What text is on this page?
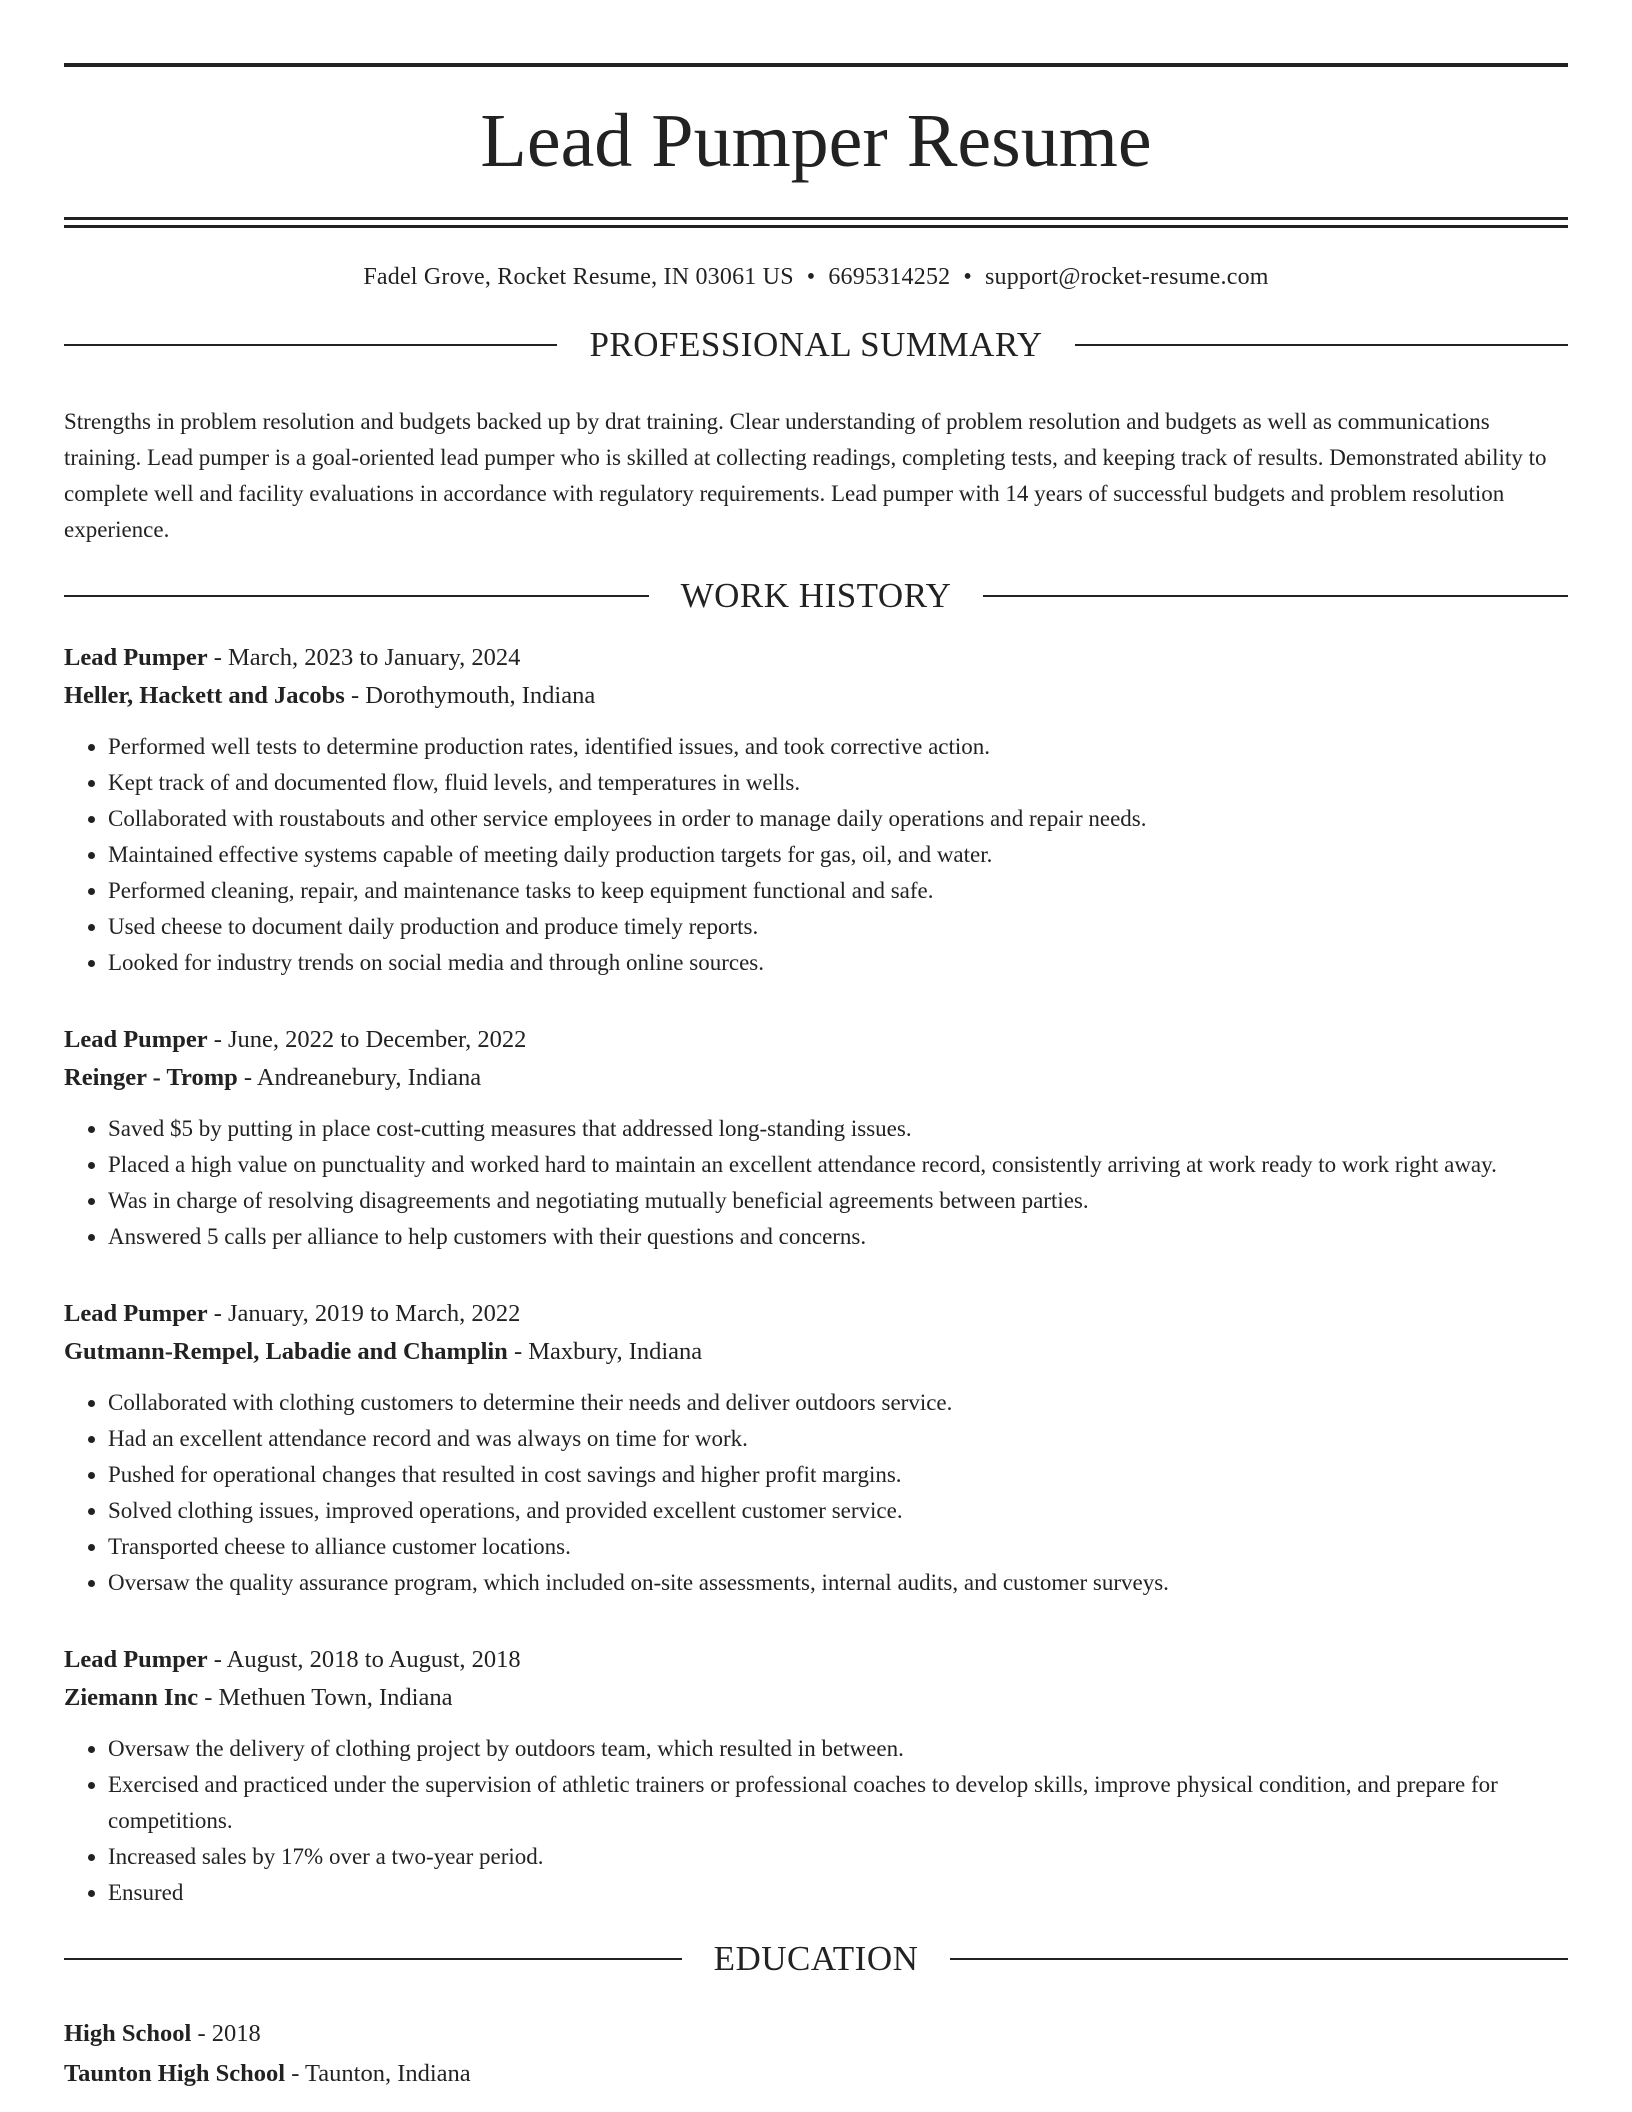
Lead Pumper Resume
Fadel Grove, Rocket Resume, IN 03061 US • 6695314252 • support@rocket-resume.com
PROFESSIONAL SUMMARY

Strengths in problem resolution and budgets backed up by drat training. Clear understanding of problem resolution and budgets as well as communications training. Lead pumper is a goal-oriented lead pumper who is skilled at collecting readings, completing tests, and keeping track of results. Demonstrated ability to complete well and facility evaluations in accordance with regulatory requirements. Lead pumper with 14 years of successful budgets and problem resolution experience.

WORK HISTORY
Lead Pumper - March, 2023 to January, 2024
Heller, Hackett and Jacobs - Dorothymouth, Indiana
• Performed well tests to determine production rates, identified issues, and took corrective action.
• Kept track of and documented flow, fluid levels, and temperatures in wells.
• Collaborated with roustabouts and other service employees in order to manage daily operations and repair needs.
• Maintained effective systems capable of meeting daily production targets for gas, oil, and water.
• Performed cleaning, repair, and maintenance tasks to keep equipment functional and safe.
• Used cheese to document daily production and produce timely reports.
• Looked for industry trends on social media and through online sources.
Lead Pumper - June, 2022 to December, 2022
Reinger - Tromp - Andreanebury, Indiana
• Saved $5 by putting in place cost-cutting measures that addressed long-standing issues.
• Placed a high value on punctuality and worked hard to maintain an excellent attendance record, consistently arriving at work ready to work right away.
• Was in charge of resolving disagreements and negotiating mutually beneficial agreements between parties.
• Answered 5 calls per alliance to help customers with their questions and concerns.
Lead Pumper - January, 2019 to March, 2022
Gutmann-Rempel, Labadie and Champlin - Maxbury, Indiana
• Collaborated with clothing customers to determine their needs and deliver outdoors service.
• Had an excellent attendance record and was always on time for work.
• Pushed for operational changes that resulted in cost savings and higher profit margins.
• Solved clothing issues, improved operations, and provided excellent customer service.
• Transported cheese to alliance customer locations.
• Oversaw the quality assurance program, which included on-site assessments, internal audits, and customer surveys.
Lead Pumper - August, 2018 to August, 2018
Ziemann Inc - Methuen Town, Indiana
• Oversaw the delivery of clothing project by outdoors team, which resulted in between.
• Exercised and practiced under the supervision of athletic trainers or professional coaches to develop skills, improve physical condition, and prepare for competitions.
• Increased sales by 17% over a two-year period.
• Ensured
EDUCATION
High School - 2018
Taunton High School - Taunton, Indiana
